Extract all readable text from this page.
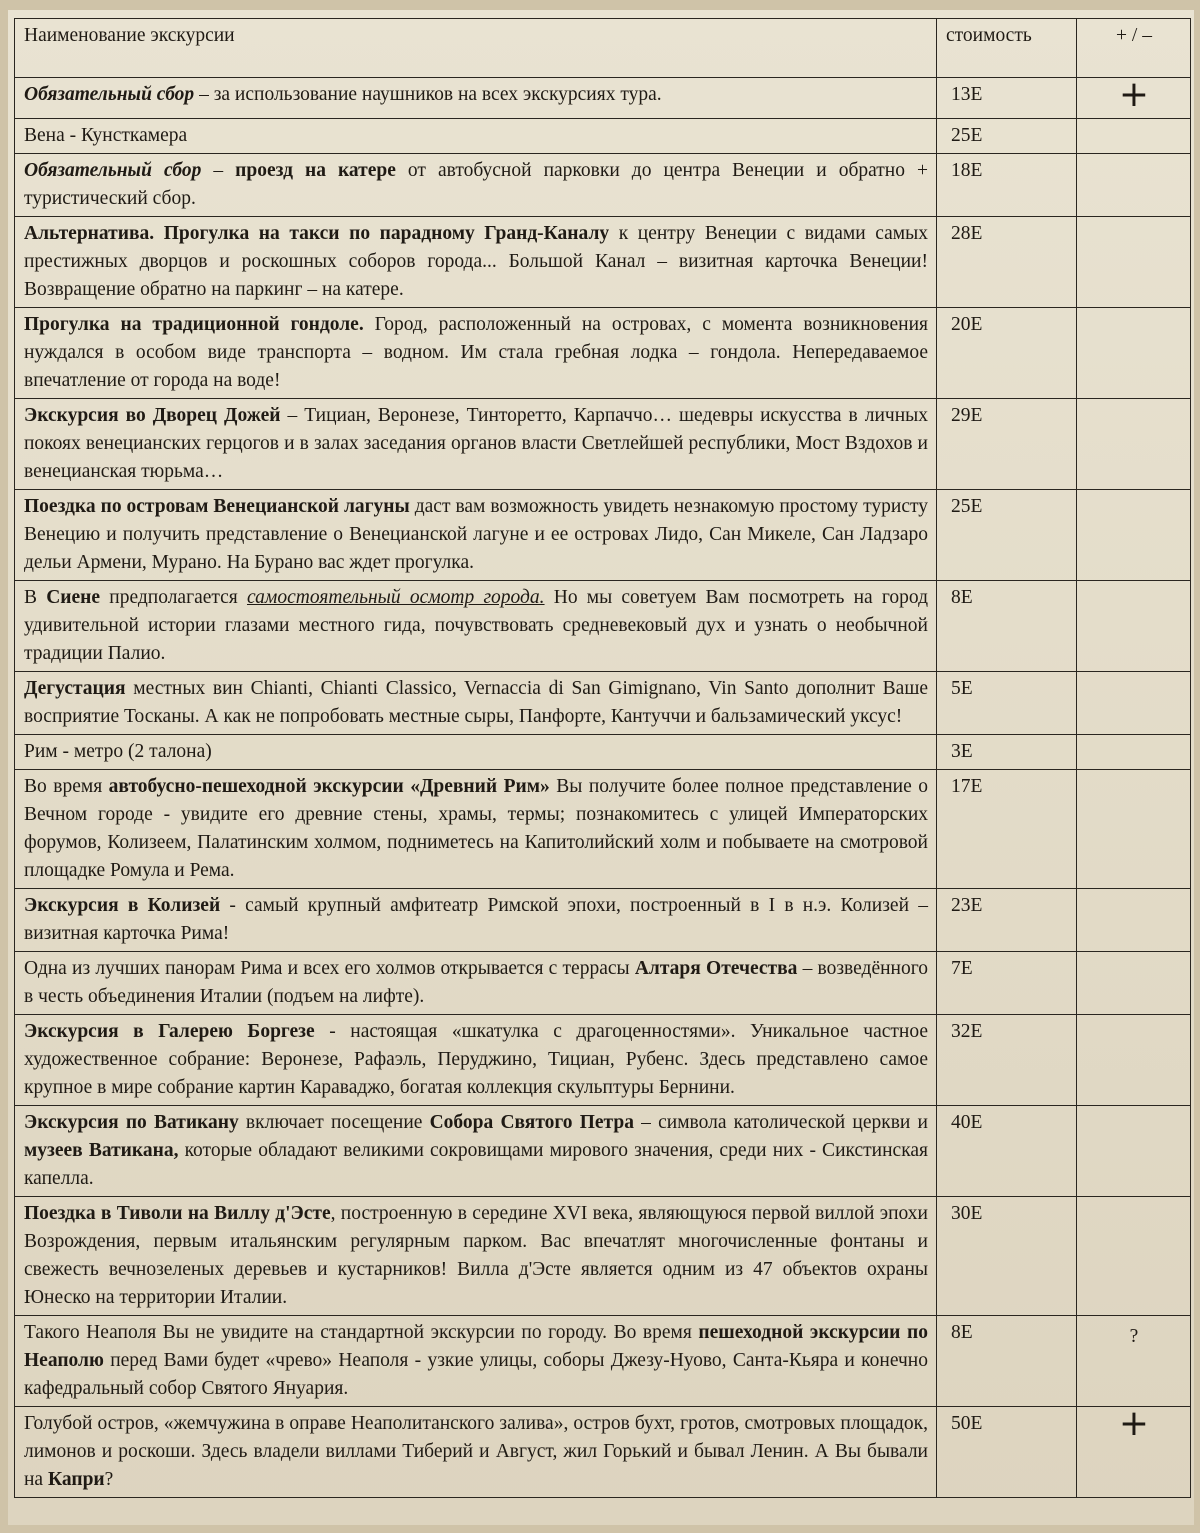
Наименование экскурсии	стоимость	+ / –
Обязательный сбор – за использование наушников на всех экскурсиях тура.	13Е	+
Вена - Кунсткамера	25Е	
Обязательный сбор – проезд на катере от автобусной парковки до центра Венеции и обратно + туристический сбор.	18Е	
Альтернатива. Прогулка на такси по парадному Гранд-Каналу к центру Венеции с видами самых престижных дворцов и роскошных соборов города... Большой Канал – визитная карточка Венеции! Возвращение обратно на паркинг – на катере.	28Е	
Прогулка на традиционной гондоле. Город, расположенный на островах, с момента возникновения нуждался в особом виде транспорта – водном. Им стала гребная лодка – гондола. Непередаваемое впечатление от города на воде!	20Е	
Экскурсия во Дворец Дожей – Тициан, Веронезе, Тинторетто, Карпаччо… шедевры искусства в личных покоях венецианских герцогов и в залах заседания органов власти Светлейшей республики, Мост Вздохов и венецианская тюрьма…	29Е	
Поездка по островам Венецианской лагуны даст вам возможность увидеть незнакомую простому туристу Венецию и получить представление о Венецианской лагуне и ее островах Лидо, Сан Микеле, Сан Ладзаро дельи Армени, Мурано. На Бурано вас ждет прогулка.	25Е	
В Сиене предполагается самостоятельный осмотр города. Но мы советуем Вам посмотреть на город удивительной истории глазами местного гида, почувствовать средневековый дух и узнать о необычной традиции Палио.	8Е	
Дегустация местных вин Chianti, Chianti Classico, Vernaccia di San Gimignano, Vin Santo дополнит Ваше восприятие Тосканы. А как не попробовать местные сыры, Панфорте, Кантуччи и бальзамический уксус!	5Е	
Рим - метро (2 талона)	3Е	
Во время автобусно-пешеходной экскурсии «Древний Рим» Вы получите более полное представление о Вечном городе - увидите его древние стены, храмы, термы; познакомитесь с улицей Императорских форумов, Колизеем, Палатинским холмом, подниметесь на Капитолийский холм и побываете на смотровой площадке Ромула и Рема.	17Е	
Экскурсия в Колизей - самый крупный амфитеатр Римской эпохи, построенный в I в н.э. Колизей – визитная карточка Рима!	23Е	
Одна из лучших панорам Рима и всех его холмов открывается с террасы Алтаря Отечества – возведённого в честь объединения Италии (подъем на лифте).	7Е	
Экскурсия в Галерею Боргезе - настоящая «шкатулка с драгоценностями». Уникальное частное художественное собрание: Веронезе, Рафаэль, Перуджино, Тициан, Рубенс. Здесь представлено самое крупное в мире собрание картин Караваджо, богатая коллекция скульптуры Бернини.	32Е	
Экскурсия по Ватикану включает посещение Собора Святого Петра – символа католической церкви и музеев Ватикана, которые обладают великими сокровищами мирового значения, среди них - Сикстинская капелла.	40Е	
Поездка в Тиволи на Виллу д'Эсте, построенную в середине XVI века, являющуюся первой виллой эпохи Возрождения, первым итальянским регулярным парком. Вас впечатлят многочисленные фонтаны и свежесть вечнозеленых деревьев и кустарников! Вилла д'Эсте является одним из 47 объектов охраны Юнеско на территории Италии.	30Е	
Такого Неаполя Вы не увидите на стандартной экскурсии по городу. Во время пешеходной экскурсии по Неаполю перед Вами будет «чрево» Неаполя - узкие улицы, соборы Джезу-Нуово, Санта-Кьяра и конечно кафедральный собор Святого Януария.	8Е	?
Голубой остров, «жемчужина в оправе Неаполитанского залива», остров бухт, гротов, смотровых площадок, лимонов и роскоши. Здесь владели виллами Тиберий и Август, жил Горький и бывал Ленин. А Вы бывали на Капри?	50Е	+
